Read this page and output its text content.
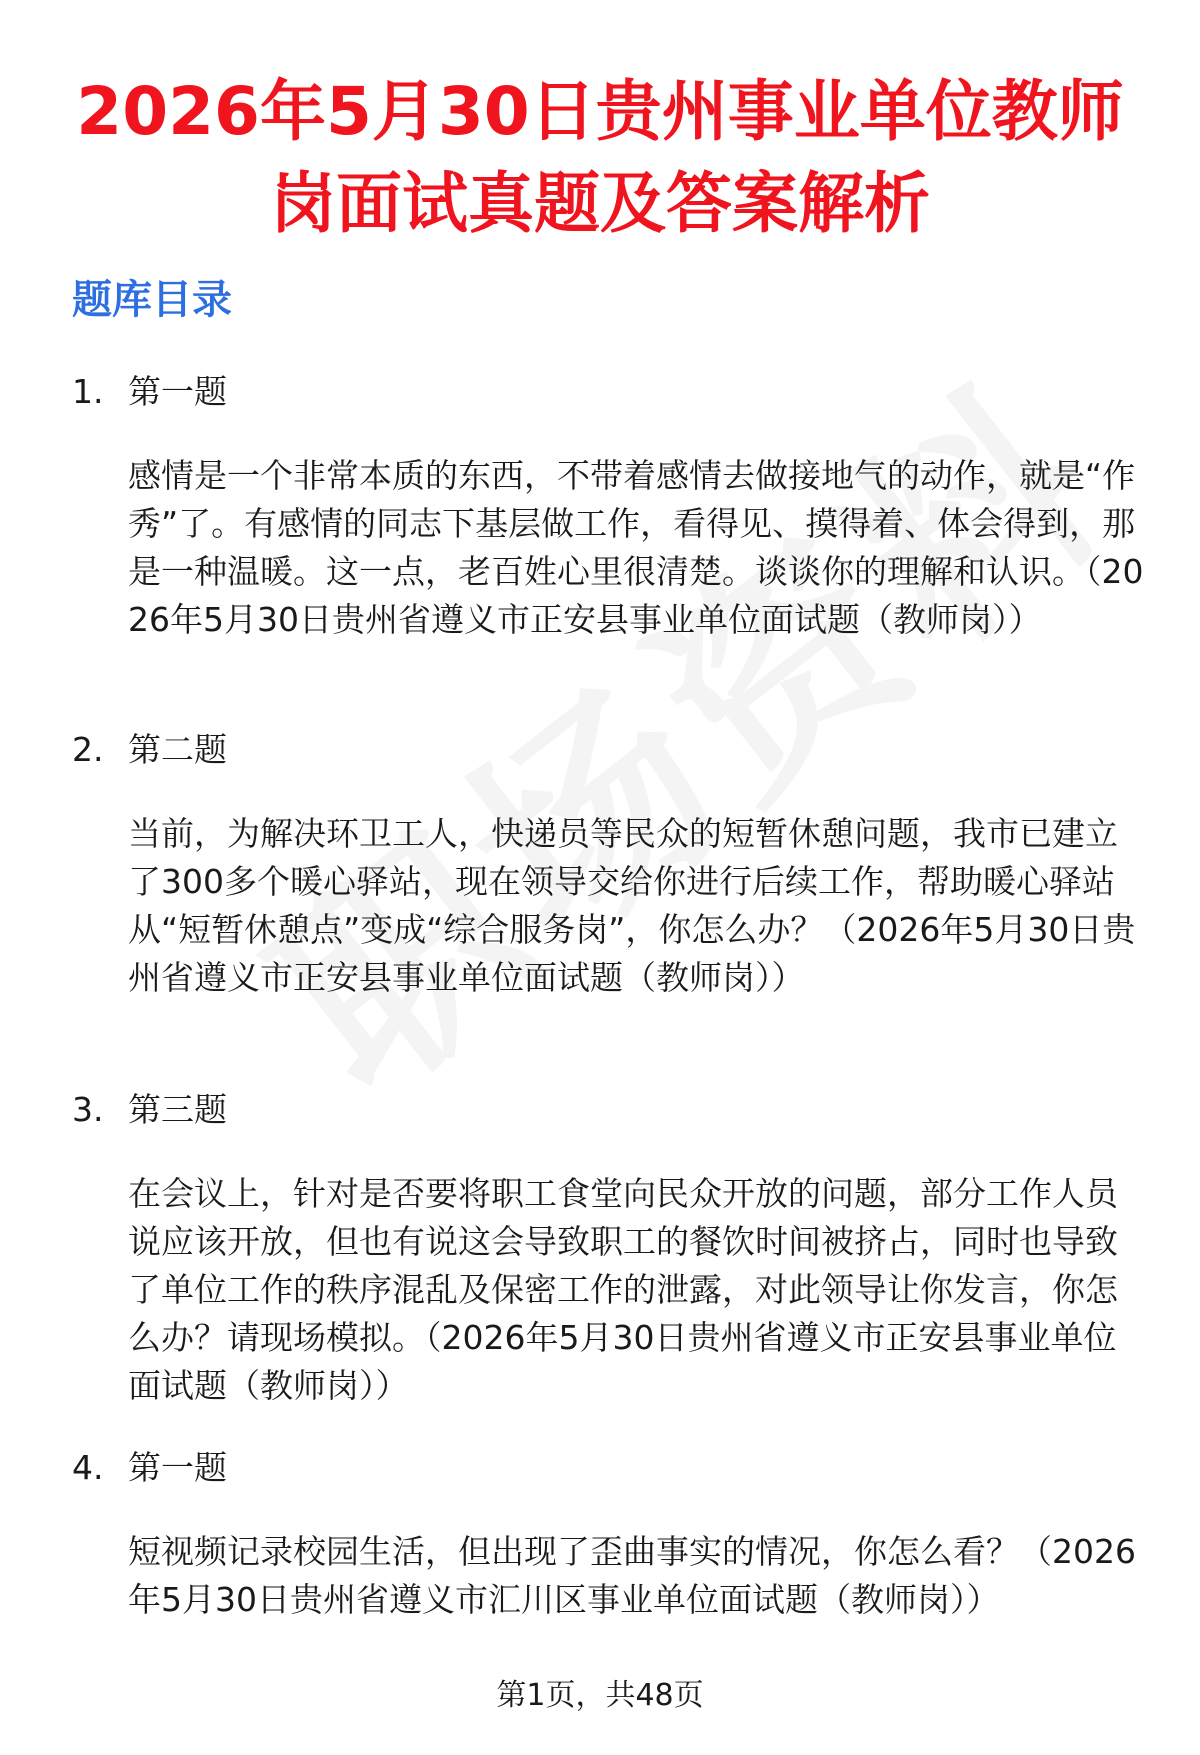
2026年5月30日贵州事业单位教师岗面试真题及答案解析
题库目录
1. 第一题
感情是一个非常本质的东西，不带着感情去做接地气的动作，就是“作秀”了。有感情的同志下基层做工作，看得见、摸得着、体会得到，那是一种温暖。这一点，老百姓心里很清楚。谈谈你的理解和认识。（2026年5月30日贵州省遵义市正安县事业单位面试题（教师岗））
2. 第二题
当前，为解决环卫工人，快递员等民众的短暂休憩问题，我市已建立了300多个暖心驿站，现在领导交给你进行后续工作，帮助暖心驿站从“短暂休憩点”变成“综合服务岗”，你怎么办？（2026年5月30日贵州省遵义市正安县事业单位面试题（教师岗））
3. 第三题
在会议上，针对是否要将职工食堂向民众开放的问题，部分工作人员说应该开放，但也有说这会导致职工的餐饮时间被挤占，同时也导致了单位工作的秩序混乱及保密工作的泄露，对此领导让你发言，你怎么办？请现场模拟。（2026年5月30日贵州省遵义市正安县事业单位面试题（教师岗））
4. 第一题
短视频记录校园生活，但出现了歪曲事实的情况，你怎么看？（2026年5月30日贵州省遵义市汇川区事业单位面试题（教师岗））
第1页，共48页
